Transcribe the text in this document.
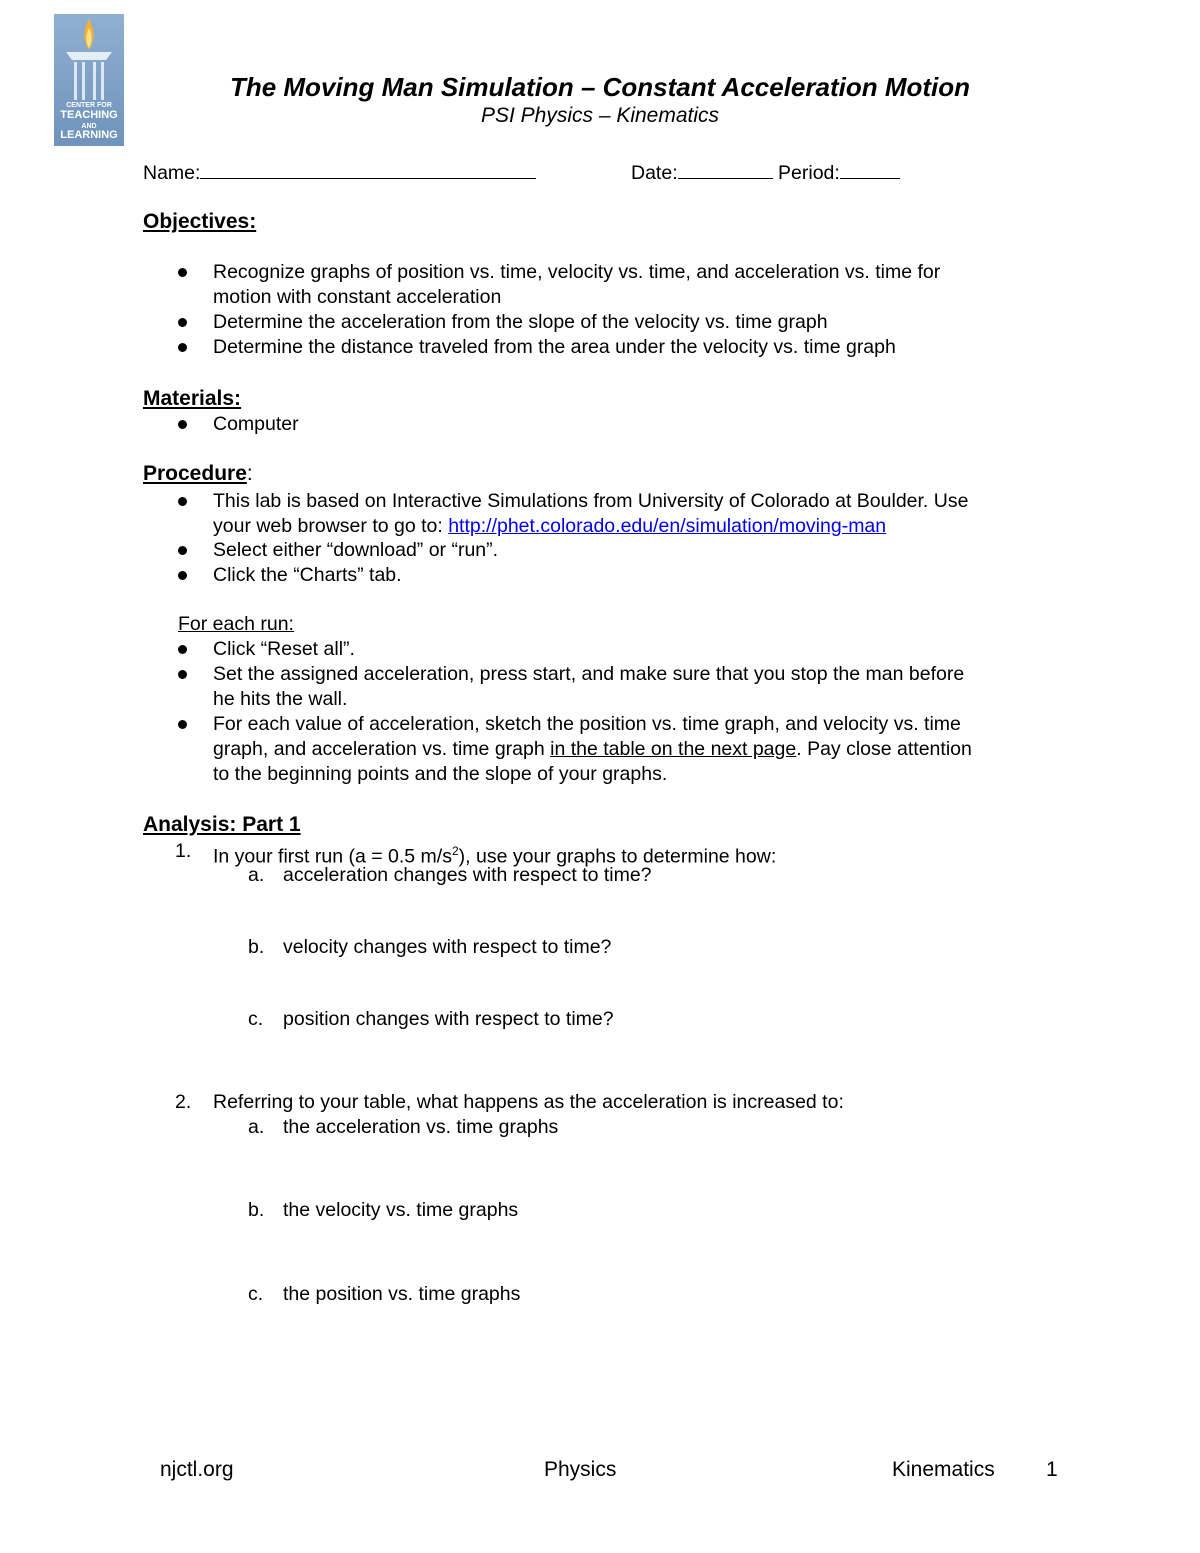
CENTER FOR
TEACHING
AND
LEARNING
The Moving Man Simulation – Constant Acceleration Motion
PSI Physics – Kinematics
Name:	Date:	Period:
Objectives:
Recognize graphs of position vs. time, velocity vs. time, and acceleration vs. time for
motion with constant acceleration
Determine the acceleration from the slope of the velocity vs. time graph
Determine the distance traveled from the area under the velocity vs. time graph
Materials:
Computer
Procedure:
This lab is based on Interactive Simulations from University of Colorado at Boulder. Use
your web browser to go to: http://phet.colorado.edu/en/simulation/moving-man
Select either “download” or “run”.
Click the “Charts” tab.
For each run:
Click “Reset all”.
Set the assigned acceleration, press start, and make sure that you stop the man before
he hits the wall.
For each value of acceleration, sketch the position vs. time graph, and velocity vs. time
graph, and acceleration vs. time graph in the table on the next page. Pay close attention
to the beginning points and the slope of your graphs.
Analysis: Part 1
1. In your first run (a = 0.5 $m/s^2$), use your graphs to determine how:
a. acceleration changes with respect to time?
b. velocity changes with respect to time?
c. position changes with respect to time?
2. Referring to your table, what happens as the acceleration is increased to:
a. the acceleration vs. time graphs
b. the velocity vs. time graphs
c. the position vs. time graphs
njctl.org	Physics	Kinematics 1
